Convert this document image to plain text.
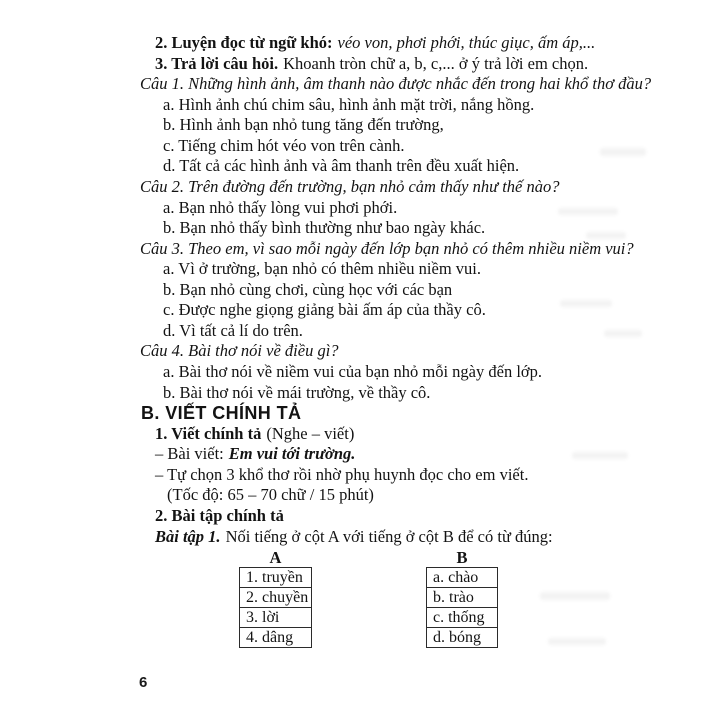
2. Luyện đọc từ ngữ khó: véo von, phơi phới, thúc giục, ấm áp,...

3. Trả lời câu hỏi. Khoanh tròn chữ a, b, c,... ở ý trả lời em chọn.

Câu 1. Những hình ảnh, âm thanh nào được nhắc đến trong hai khổ thơ đầu?

a. Hình ảnh chú chim sâu, hình ảnh mặt trời, nắng hồng.

b. Hình ảnh bạn nhỏ tung tăng đến trường,

c. Tiếng chim hót véo von trên cành.

d. Tất cả các hình ảnh và âm thanh trên đều xuất hiện.

Câu 2. Trên đường đến trường, bạn nhỏ cảm thấy như thế nào?

a. Bạn nhỏ thấy lòng vui phơi phới.

b. Bạn nhỏ thấy bình thường như bao ngày khác.

Câu 3. Theo em, vì sao mỗi ngày đến lớp bạn nhỏ có thêm nhiều niềm vui?

a. Vì ở trường, bạn nhỏ có thêm nhiều niềm vui.

b. Bạn nhỏ cùng chơi, cùng học với các bạn

c. Được nghe giọng giảng bài ấm áp của thầy cô.

d. Vì tất cả lí do trên.

Câu 4. Bài thơ nói về điều gì?

a. Bài thơ nói về niềm vui của bạn nhỏ mỗi ngày đến lớp.

b. Bài thơ nói về mái trường, về thầy cô.

B. VIẾT CHÍNH TẢ

1. Viết chính tả (Nghe – viết)

– Bài viết: Em vui tới trường.

– Tự chọn 3 khổ thơ rồi nhờ phụ huynh đọc cho em viết.

(Tốc độ: 65 – 70 chữ / 15 phút)

2. Bài tập chính tả

Bài tập 1. Nối tiếng ở cột A với tiếng ở cột B để có từ đúng:

A
1. truyền
2. chuyền
3. lời
4. dâng
B
a. chào
b. trào
c. thống
d. bóng
6
